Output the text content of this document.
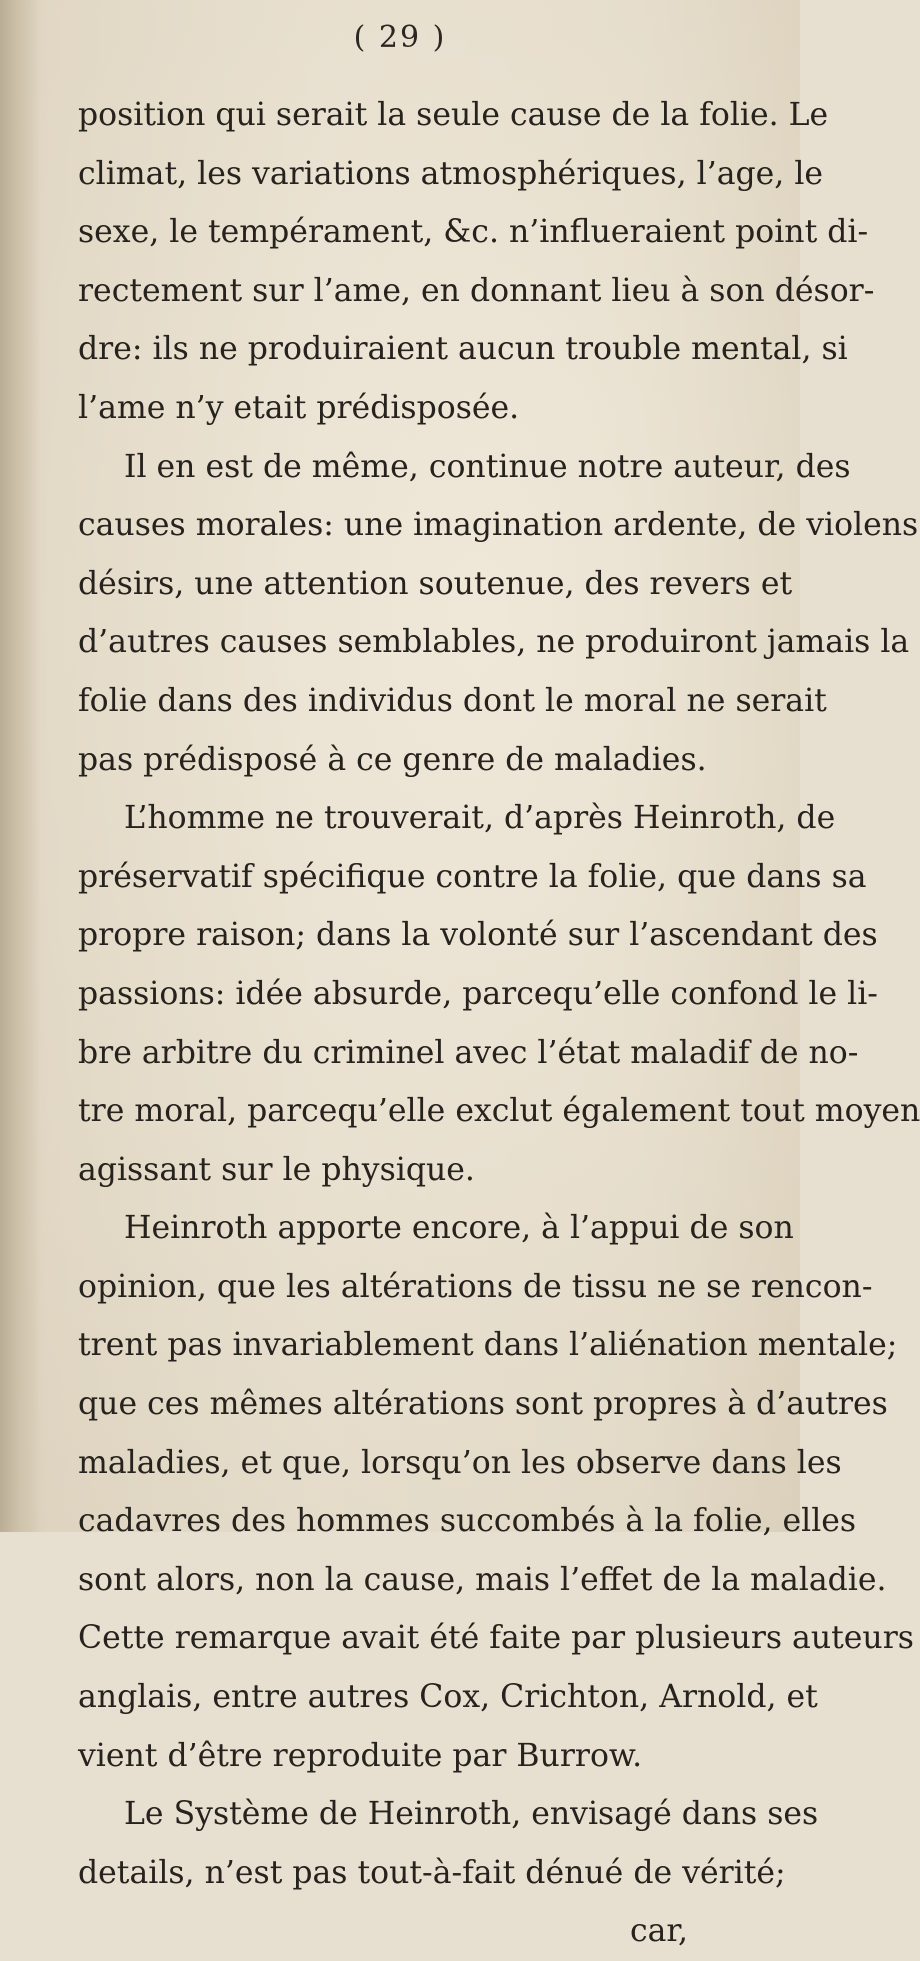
( 29 )
position qui serait la seule cause de la folie. Le
climat, les variations atmosphériques, l’age, le
sexe, le tempérament, &c. n’influeraient point di-
rectement sur l’ame, en donnant lieu à son désor-
dre: ils ne produiraient aucun trouble mental, si
l’ame n’y etait prédisposée.
Il en est de même, continue notre auteur, des
causes morales: une imagination ardente, de violens
désirs, une attention soutenue, des revers et
d’autres causes semblables, ne produiront jamais la
folie dans des individus dont le moral ne serait
pas prédisposé à ce genre de maladies.
L’homme ne trouverait, d’après Heinroth, de
préservatif spécifique contre la folie, que dans sa
propre raison; dans la volonté sur l’ascendant des
passions: idée absurde, parcequ’elle confond le li-
bre arbitre du criminel avec l’état maladif de no-
tre moral, parcequ’elle exclut également tout moyen
agissant sur le physique.
Heinroth apporte encore, à l’appui de son
opinion, que les altérations de tissu ne se rencon-
trent pas invariablement dans l’aliénation mentale;
que ces mêmes altérations sont propres à d’autres
maladies, et que, lorsqu’on les observe dans les
cadavres des hommes succombés à la folie, elles
sont alors, non la cause, mais l’effet de la maladie.
Cette remarque avait été faite par plusieurs auteurs
anglais, entre autres Cox, Crichton, Arnold, et
vient d’être reproduite par Burrow.
Le Système de Heinroth, envisagé dans ses
details, n’est pas tout-à-fait dénué de vérité;
car,
